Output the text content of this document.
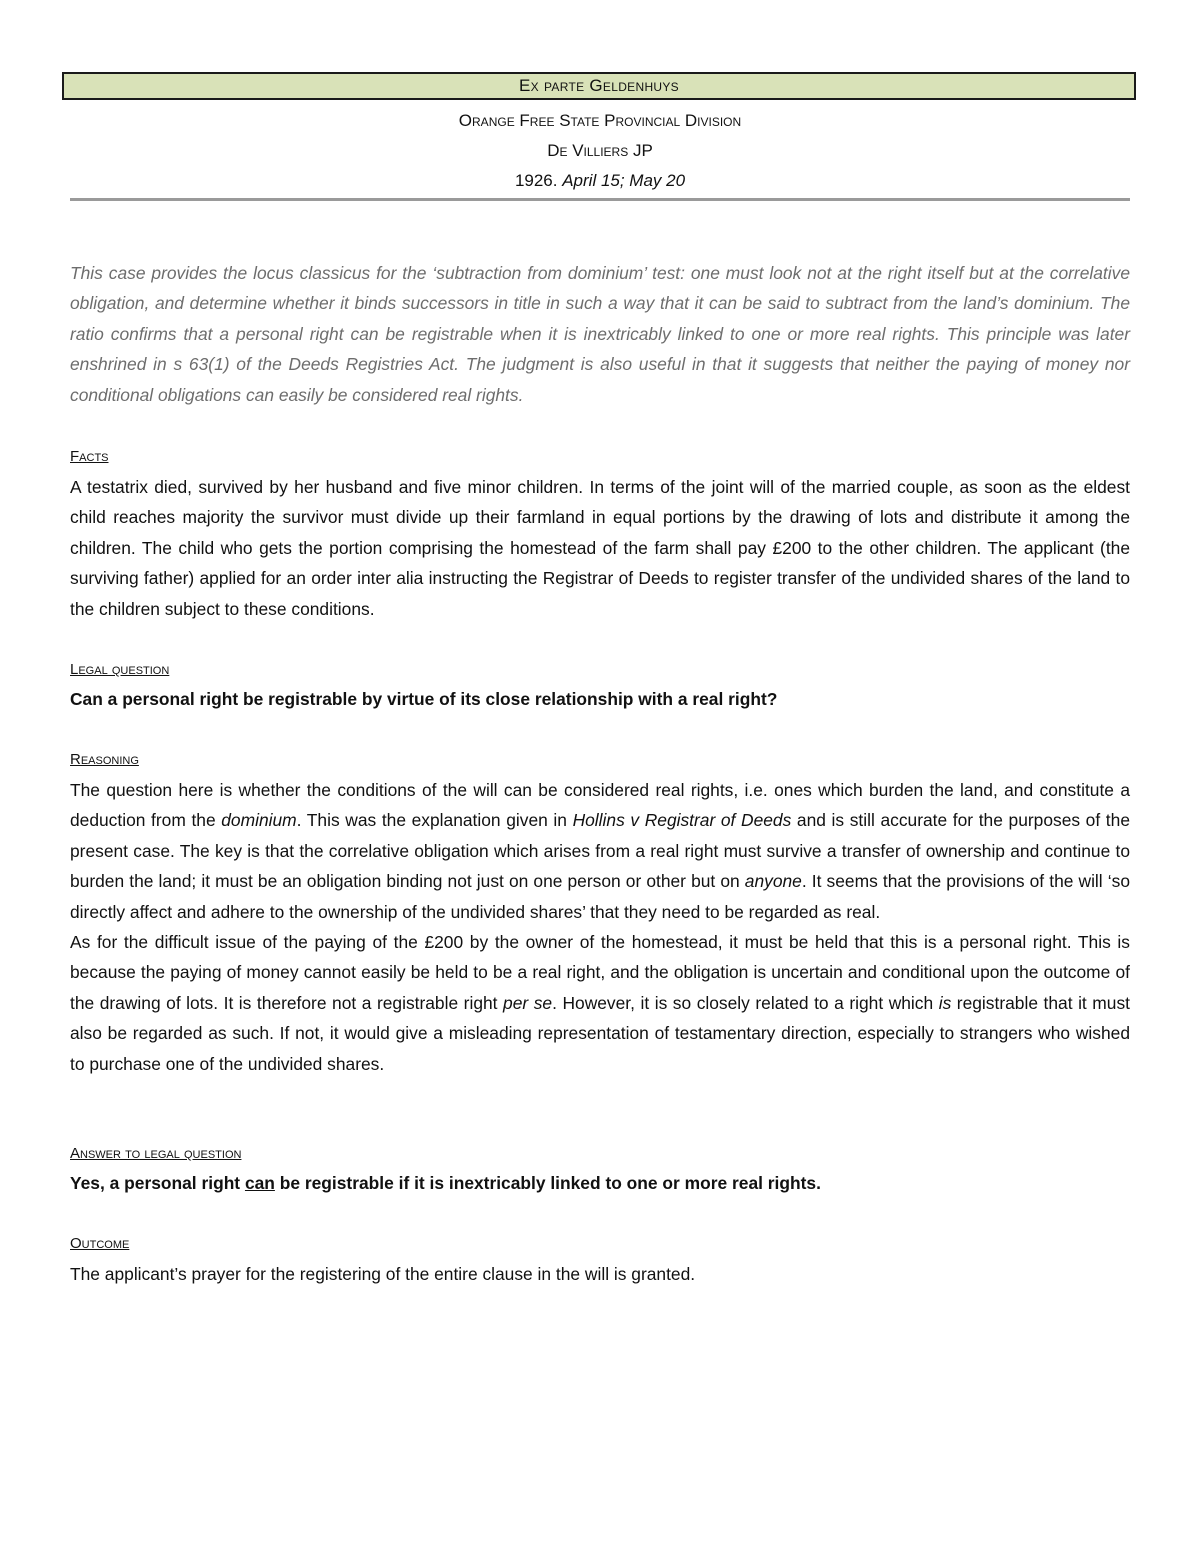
Ex parte Geldenhuys
Orange Free State Provincial Division
De Villiers JP
1926. April 15; May 20

This case provides the locus classicus for the ‘subtraction from dominium’ test: one must look not at the right itself but at the correlative obligation, and determine whether it binds successors in title in such a way that it can be said to subtract from the land’s dominium. The ratio confirms that a personal right can be registrable when it is inextricably linked to one or more real rights. This principle was later enshrined in s 63(1) of the Deeds Registries Act. The judgment is also useful in that it suggests that neither the paying of money nor conditional obligations can easily be considered real rights.

Facts

A testatrix died, survived by her husband and five minor children. In terms of the joint will of the married couple, as soon as the eldest child reaches majority the survivor must divide up their farmland in equal portions by the drawing of lots and distribute it among the children. The child who gets the portion comprising the homestead of the farm shall pay £200 to the other children. The applicant (the surviving father) applied for an order inter alia instructing the Registrar of Deeds to register transfer of the undivided shares of the land to the children subject to these conditions.

Legal question

Can a personal right be registrable by virtue of its close relationship with a real right?

Reasoning

The question here is whether the conditions of the will can be considered real rights, i.e. ones which burden the land, and constitute a deduction from the dominium. This was the explanation given in Hollins v Registrar of Deeds and is still accurate for the purposes of the present case. The key is that the correlative obligation which arises from a real right must survive a transfer of ownership and continue to burden the land; it must be an obligation binding not just on one person or other but on anyone. It seems that the provisions of the will ‘so directly affect and adhere to the ownership of the undivided shares’ that they need to be regarded as real.

As for the difficult issue of the paying of the £200 by the owner of the homestead, it must be held that this is a personal right. This is because the paying of money cannot easily be held to be a real right, and the obligation is uncertain and conditional upon the outcome of the drawing of lots. It is therefore not a registrable right per se. However, it is so closely related to a right which is registrable that it must also be regarded as such. If not, it would give a misleading representation of testamentary direction, especially to strangers who wished to purchase one of the undivided shares.

Answer to legal question

Yes, a personal right can be registrable if it is inextricably linked to one or more real rights.

Outcome

The applicant’s prayer for the registering of the entire clause in the will is granted.
